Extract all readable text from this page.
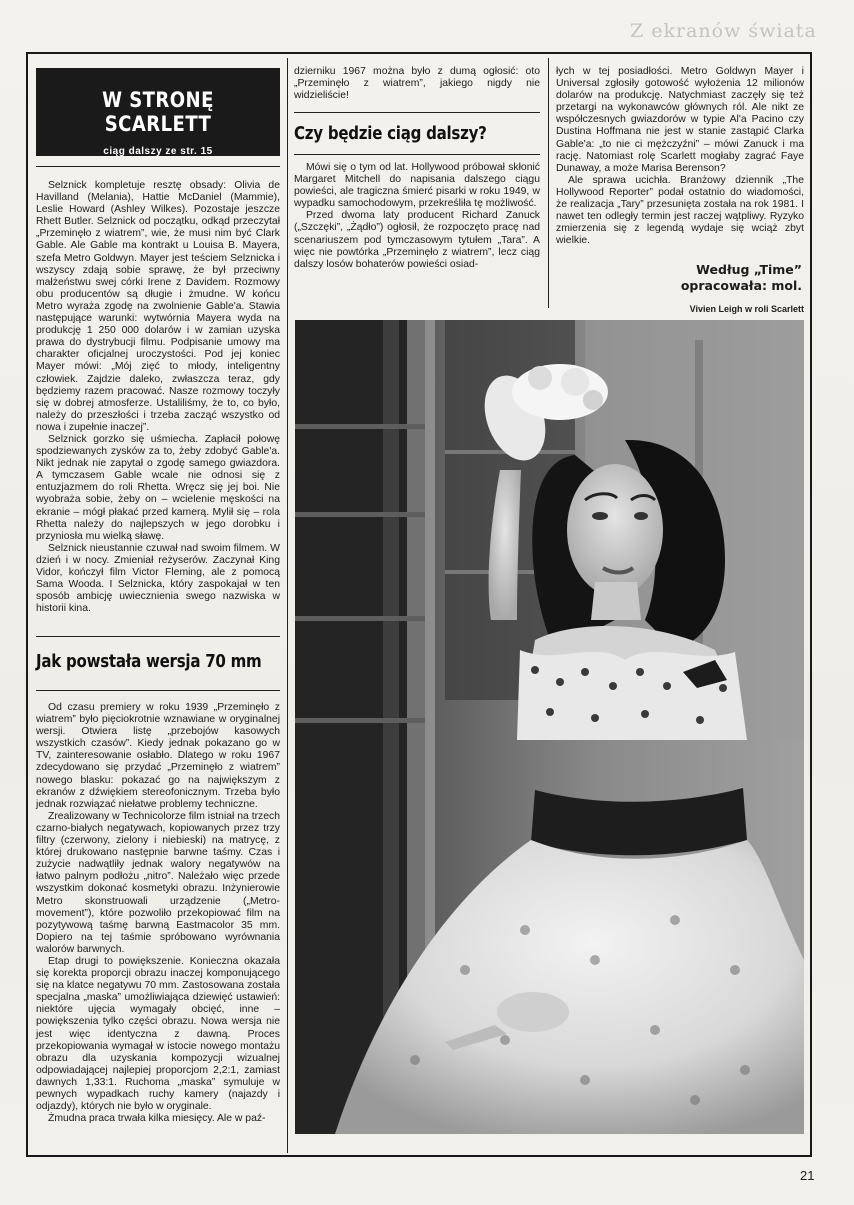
Z ekranów świata
W STRONĘ SCARLETT
ciąg dalszy ze str. 15

Selznick kompletuje resztę obsady: Olivia de Havilland (Melania), Hattie McDaniel (Mammie), Leslie Howard (Ashley Wilkes). Pozostaje jeszcze Rhett Butler. Selznick od początku, odkąd przeczytał „Przeminęło z wiatrem”, wie, że musi nim być Clark Gable. Ale Gable ma kontrakt u Louisa B. Mayera, szefa Metro Goldwyn. Mayer jest teściem Selznicka i wszyscy zdają sobie sprawę, że był przeciwny małżeństwu swej córki Irene z Davidem. Rozmowy obu producentów są długie i żmudne. W końcu Metro wyraża zgodę na zwolnienie Gable'a. Stawia następujące warunki: wytwórnia Mayera wyda na produkcję 1 250 000 dolarów i w zamian uzyska prawa do dystrybucji filmu. Podpisanie umowy ma charakter oficjalnej uroczystości. Pod jej koniec Mayer mówi: „Mój zięć to młody, inteligentny człowiek. Zajdzie daleko, zwłaszcza teraz, gdy będziemy razem pracować. Nasze rozmowy toczyły się w dobrej atmosferze. Ustaliliśmy, że to, co było, należy do przeszłości i trzeba zacząć wszystko od nowa i zupełnie inaczej”.

Selznick gorzko się uśmiecha. Zapłacił połowę spodziewanych zysków za to, żeby zdobyć Gable'a. Nikt jednak nie zapytał o zgodę samego gwiazdora. A tymczasem Gable wcale nie odnosi się z entuzjazmem do roli Rhetta. Wręcz się jej boi. Nie wyobraża sobie, żeby on – wcielenie męskości na ekranie – mógł płakać przed kamerą. Mylił się – rola Rhetta należy do najlepszych w jego dorobku i przyniosła mu wielką sławę.

Selznick nieustannie czuwał nad swoim filmem. W dzień i w nocy. Zmieniał reżyserów. Zaczynał King Vidor, kończył film Victor Fleming, ale z pomocą Sama Wooda. I Selznicka, który zaspokajał w ten sposób ambicję uwiecznienia swego nazwiska w historii kina.

Jak powstała wersja 70 mm

Od czasu premiery w roku 1939 „Przeminęło z wiatrem” było pięciokrotnie wznawiane w oryginalnej wersji. Otwiera listę „przebojów kasowych wszystkich czasów”. Kiedy jednak pokazano go w TV, zainteresowanie osłabło. Dlatego w roku 1967 zdecydowano się przydać „Przeminęło z wiatrem” nowego blasku: pokazać go na największym z ekranów z dźwiękiem stereofonicznym. Trzeba było jednak rozwiązać niełatwe problemy techniczne.

Zrealizowany w Technicolorze film istniał na trzech czarno-białych negatywach, kopiowanych przez trzy filtry (czerwony, zielony i niebieski) na matrycę, z której drukowano następnie barwne taśmy. Czas i zużycie nadwątliły jednak walory negatywów na łatwo palnym podłożu „nitro”. Należało więc przede wszystkim dokonać kosmetyki obrazu. Inżynierowie Metro skonstruowali urządzenie („Metro-movement”), które pozwoliło przekopiować film na pozytywową taśmę barwną Eastmacolor 35 mm. Dopiero na tej taśmie spróbowano wyrównania walorów barwnych.

Etap drugi to powiększenie. Konieczna okazała się korekta proporcji obrazu inaczej komponującego się na klatce negatywu 70 mm. Zastosowana została specjalna „maska” umożliwiająca dziewięć ustawień: niektóre ujęcia wymagały obcięć, inne – powiększenia tylko części obrazu. Nowa wersja nie jest więc identyczna z dawną. Proces przekopiowania wymagał w istocie nowego montażu obrazu dla uzyskania kompozycji wizualnej odpowiadającej najlepiej proporcjom 2,2:1, zamiast dawnych 1,33:1. Ruchoma „maska” symuluje w pewnych wypadkach ruchy kamery (najazdy i odjazdy), których nie było w oryginale.

Żmudna praca trwała kilka miesięcy. Ale w paź-

dzierniku 1967 można było z dumą ogłosić: oto „Przeminęło z wiatrem”, jakiego nigdy nie widzieliście!

Czy będzie ciąg dalszy?

Mówi się o tym od lat. Hollywood próbował skłonić Margaret Mitchell do napisania dalszego ciągu powieści, ale tragiczna śmierć pisarki w roku 1949, w wypadku samochodowym, przekreśliła tę możliwość.

Przed dwoma laty producent Richard Zanuck („Szczęki”, „Żądło”) ogłosił, że rozpoczęto pracę nad scenariuszem pod tymczasowym tytułem „Tara”. A więc nie powtórka „Przeminęło z wiatrem”, lecz ciąg dalszy losów bohaterów powieści osiad-

łych w tej posiadłości. Metro Goldwyn Mayer i Universal zgłosiły gotowość wyłożenia 12 milionów dolarów na produkcję. Natychmiast zaczęły się też przetargi na wykonawców głównych ról. Ale nikt ze współczesnych gwiazdorów w typie Al'a Pacino czy Dustina Hoffmana nie jest w stanie zastąpić Clarka Gable'a: „to nie ci mężczyźni” – mówi Zanuck i ma rację. Natomiast rolę Scarlett mogłaby zagrać Faye Dunaway, a może Marisa Berenson?

Ale sprawa ucichła. Branżowy dziennik „The Hollywood Reporter” podał ostatnio do wiadomości, że realizacja „Tary” przesunięta została na rok 1981. I nawet ten odległy termin jest raczej wątpliwy. Ryzyko zmierzenia się z legendą wydaje się wciąż zbyt wielkie.

Według „Time”
opracowała: mol.
Vivien Leigh w roli Scarlett
21
